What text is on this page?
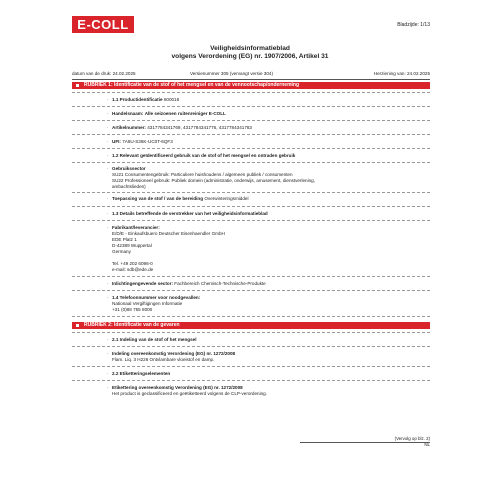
E-COLL	Bladzijde: 1/13
Veiligheidsinformatieblad
volgens Verordening (EG) nr. 1907/2006, Artikel 31
datum van de druk: 24.02.2025	Versienummer 305 (vervangt versie 304)	Herziening van: 24.02.2025
RUBRIEK 1: Identificatie van de stof of het mengsel en van de vennootschap/onderneming
· 1.1 Productidentificatie 600018
· Handelsnaam: Alle seizoenen ruitenreiniger E-COLL
· Artikelnummer: 4317784341769, 4317784341776, 4317784341783
· UFI: 7A8U-S36K-UC0T-6QF3
· 1.2 Relevant geïdentificeerd gebruik van de stof of het mengsel en ontraden gebruik
· Gebruikssector
SU21 Consumentengebruik: Particuliere huishoudens / algemeen publiek / consumenten
SU22 Professioneel gebruik: Publiek domein (administratie, onderwijs, amusement, dienstverlening,
ambachtslieden)
· Toepassing van de stof / van de bereiding Overwinteringsmiddel
· 1.3 Details betreffende de verstrekker van het veiligheidsinformatieblad
· Fabrikant/leverancier:
E/D/E - Einkaufsbuero Deutscher Eisenhaendler GmbH
EDE Platz 1
D-42389 Wuppertal
Germany
Tel. +49 202 6096-0
e-mail: sdb@ede.de
· Inlichtingengevende sector: Fachbereich Chemisch-Technische-Produkte
· 1.4 Telefoonnummer voor noodgevallen:
Nationaal Vergiftigingen Informatie
+31 (0)88 755 8000
RUBRIEK 2: Identificatie van de gevaren
· 2.1 Indeling van de stof of het mengsel
· Indeling overeenkomstig Verordening (EG) nr. 1272/2008
Flam. Liq. 3 H226 Ontvlambare vloeistof en damp.
· 2.2 Etiketteringselementen
· Etikettering overeenkomstig Verordening (EG) nr. 1272/2008
Het product is geclassificeerd en geëtiketteerd volgens de CLP-verordening.
(Vervolg op blz. 2)
NL
